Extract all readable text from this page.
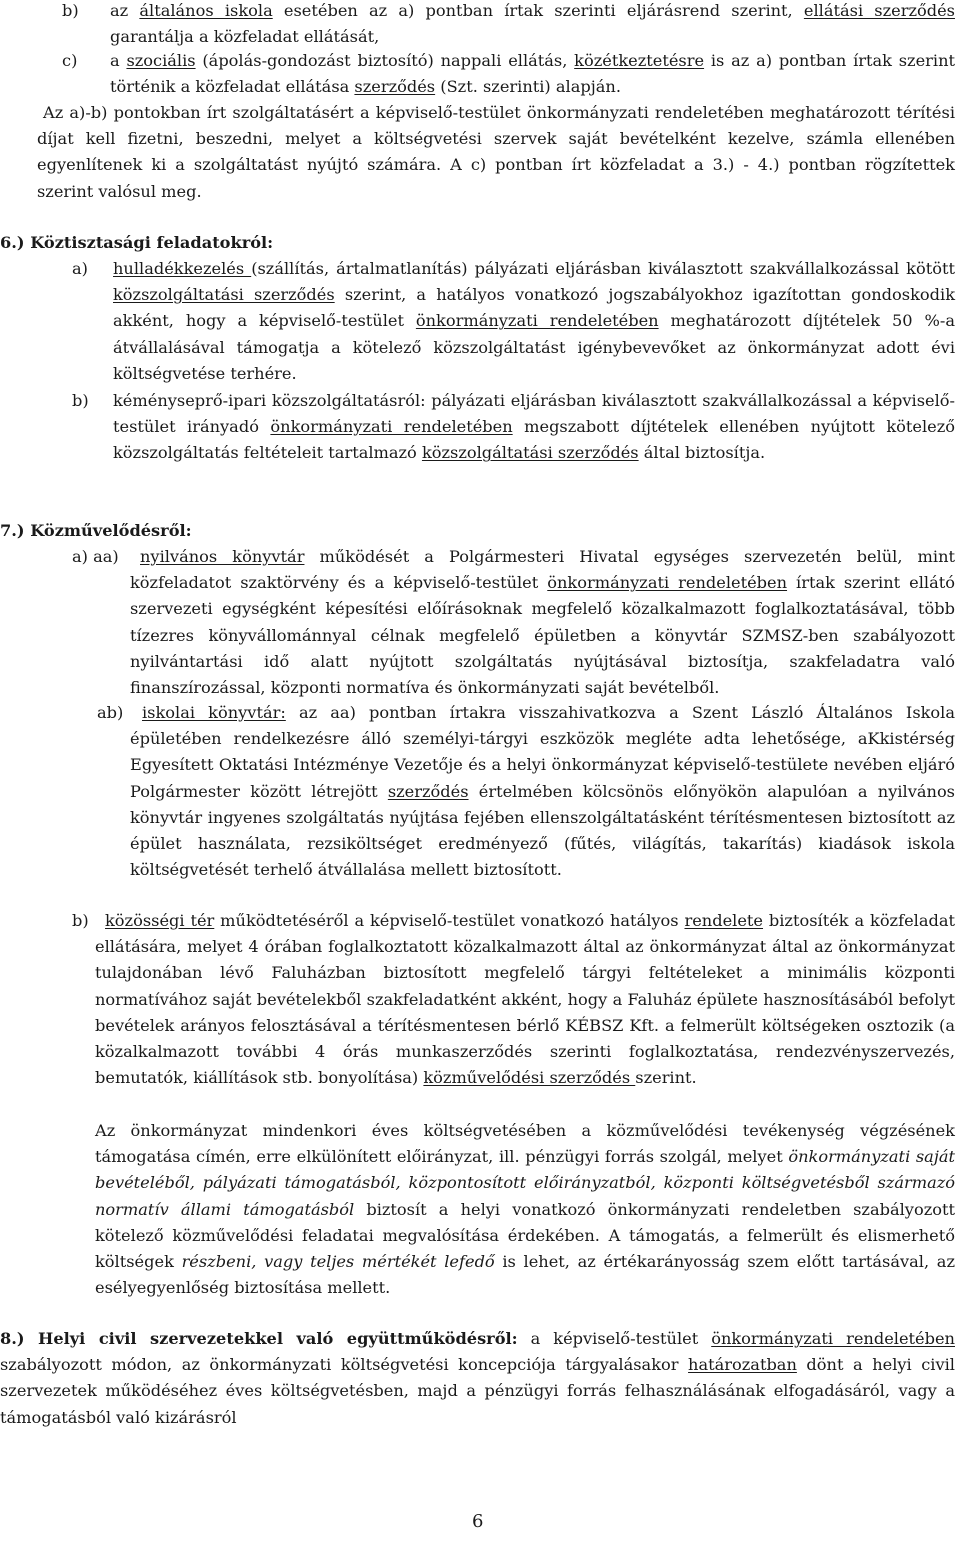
b) az általános iskola esetében az a) pontban írtak szerinti eljárásrend szerint, ellátási szerződés garantálja a közfeladat ellátását,
c) a szociális (ápolás-gondozást biztosító) nappali ellátás, közétkeztetésre is az a) pontban írtak szerint történik a közfeladat ellátása szerződés (Szt. szerinti) alapján.
Az a)-b) pontokban írt szolgáltatásért a képviselő-testület önkormányzati rendeletében meghatározott térítési díjat kell fizetni, beszedni, melyet a költségvetési szervek saját bevételként kezelve, számla ellenében egyenlítenek ki a szolgáltatást nyújtó számára. A c) pontban írt közfeladat a 3.) - 4.) pontban rögzítettek szerint valósul meg.
6.) Köztisztasági feladatokról:
a) hulladékkezelés (szállítás, ártalmatlanítás) pályázati eljárásban kiválasztott szakvállalkozással kötött közszolgáltatási szerződés szerint, a hatályos vonatkozó jogszabályokhoz igazítottan gondoskodik akként, hogy a képviselő-testület önkormányzati rendeletében meghatározott díjtételek 50 %-a átvállalásával támogatja a kötelező közszolgáltatást igénybevevőket az önkormányzat adott évi költségvetése terhére.
b) kéményseprő-ipari közszolgáltatásról: pályázati eljárásban kiválasztott szakvállalkozással a képviselő-testület irányadó önkormányzati rendeletében megszabott díjtételek ellenében nyújtott kötelező közszolgáltatás feltételeit tartalmazó közszolgáltatási szerződés által biztosítja.
7.) Közművelődésről:
a) aa)	nyilvános könyvtár működését a Polgármesteri Hivatal egységes szervezetén belül, mint közfeladatot szaktörvény és a képviselő-testület önkormányzati rendeletében írtak szerint ellátó szervezeti egységként képesítési előírásoknak megfelelő közalkalmazott foglalkoztatásával, több tízezres könyvállománnyal célnak megfelelő épületben a könyvtár SZMSZ-ben szabályozott nyilvántartási idő alatt nyújtott szolgáltatás nyújtásával biztosítja, szakfeladatra való finanszírozással, központi normatíva és önkormányzati saját bevételből.
ab)	iskolai könyvtár: az aa) pontban írtakra visszahivatkozva a Szent László Általános Iskola épületében rendelkezésre álló személyi-tárgyi eszközök megléte adta lehetősége, aKkistérség Egyesített Oktatási Intézménye Vezetője és a helyi önkormányzat képviselő-testülete nevében eljáró Polgármester között létrejött szerződés értelmében kölcsönös előnyökön alapulóan a nyilvános könyvtár ingyenes szolgáltatás nyújtása fejében ellenszolgáltatásként térítésmentesen biztosított az épület használata, rezsiköltséget eredményező (fűtés, világítás, takarítás) kiadások iskola költségvetését terhelő átvállalása mellett biztosított.
b)	közösségi tér működtetéséről a képviselő-testület vonatkozó hatályos rendelete biztosíték a közfeladat ellátására, melyet 4 órában foglalkoztatott közalkalmazott által az önkormányzat által az önkormányzat tulajdonában lévő Faluházban biztosított megfelelő tárgyi feltételeket a minimális központi normatívához saját bevételekből szakfeladatként akként, hogy a Faluház épülete hasznosításából befolyt bevételek arányos felosztásával a térítésmentesen bérlő KÉBSZ Kft. a felmerült költségeken osztozik (a közalkalmazott további 4 órás munkaszerződés szerinti foglalkoztatása, rendezvényszervezés, bemutatók, kiállítások stb. bonyolítása) közművelődési szerződés szerint.
Az önkormányzat mindenkori éves költségvetésében a közművelődési tevékenység végzésének támogatása címén, erre elkülönített előirányzat, ill. pénzügyi forrás szolgál, melyet önkormányzati saját bevételéből, pályázati támogatásból, központosított előirányzatból, központi költségvetésből származó normatív állami támogatásból biztosít a helyi vonatkozó önkormányzati rendeletben szabályozott kötelező közművelődési feladatai megvalósítása érdekében. A támogatás, a felmerült és elismerhető költségek részbeni, vagy teljes mértékét lefedő is lehet, az értékarányosság szem előtt tartásával, az esélyegyenlőség biztosítása mellett.
8.) Helyi civil szervezetekkel való együttműködésről: a képviselő-testület önkormányzati rendeletében szabályozott módon, az önkormányzati költségvetési koncepciója tárgyalásakor határozatban dönt a helyi civil szervezetek működéséhez éves költségvetésben, majd a pénzügyi forrás felhasználásának elfogadásáról, vagy a támogatásból való kizárásról
6
